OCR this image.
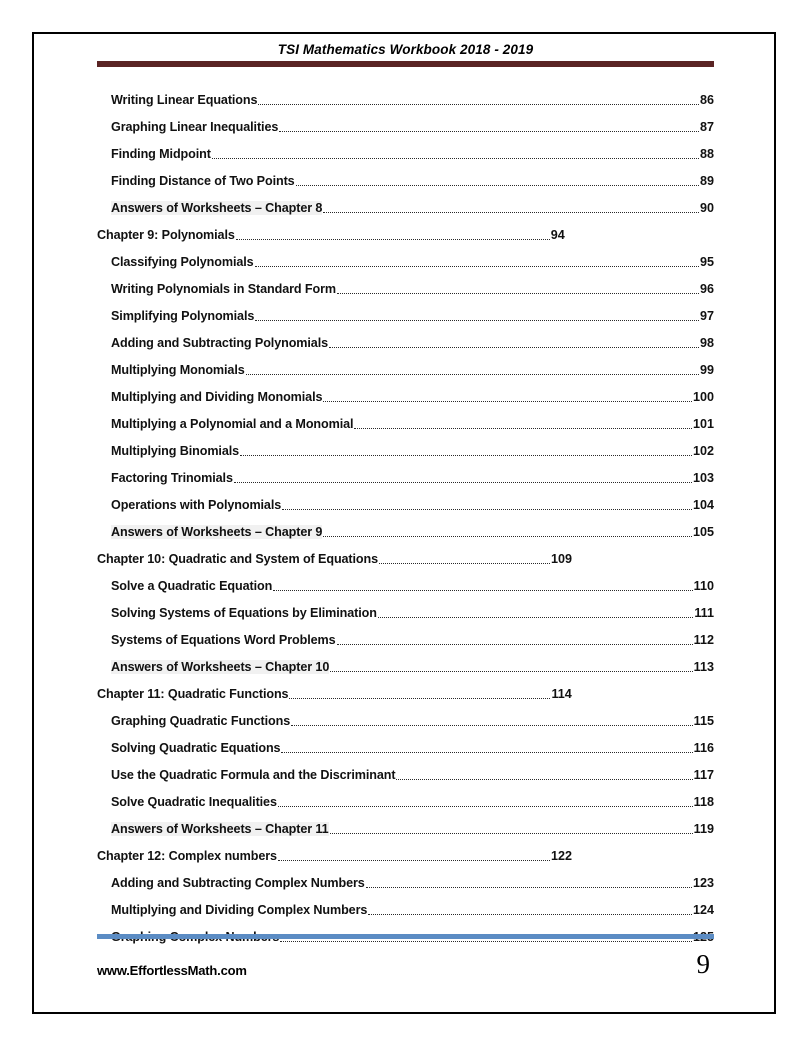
TSI Mathematics Workbook 2018 - 2019
Writing Linear Equations	86
Graphing Linear Inequalities	87
Finding Midpoint	88
Finding Distance of Two Points	89
Answers of Worksheets – Chapter 8	90
Chapter 9: Polynomials	94
Classifying Polynomials	95
Writing Polynomials in Standard Form	96
Simplifying Polynomials	97
Adding and Subtracting Polynomials	98
Multiplying Monomials	99
Multiplying and Dividing Monomials	100
Multiplying a Polynomial and a Monomial	101
Multiplying Binomials	102
Factoring Trinomials	103
Operations with Polynomials	104
Answers of Worksheets – Chapter 9	105
Chapter 10: Quadratic and System of Equations	109
Solve a Quadratic Equation	110
Solving Systems of Equations by Elimination	111
Systems of Equations Word Problems	112
Answers of Worksheets – Chapter 10	113
Chapter 11: Quadratic Functions	114
Graphing Quadratic Functions	115
Solving Quadratic Equations	116
Use the Quadratic Formula and the Discriminant	117
Solve Quadratic Inequalities	118
Answers of Worksheets – Chapter 11	119
Chapter 12: Complex numbers	122
Adding and Subtracting Complex Numbers	123
Multiplying and Dividing Complex Numbers	124
www.EffortlessMath.com	9
